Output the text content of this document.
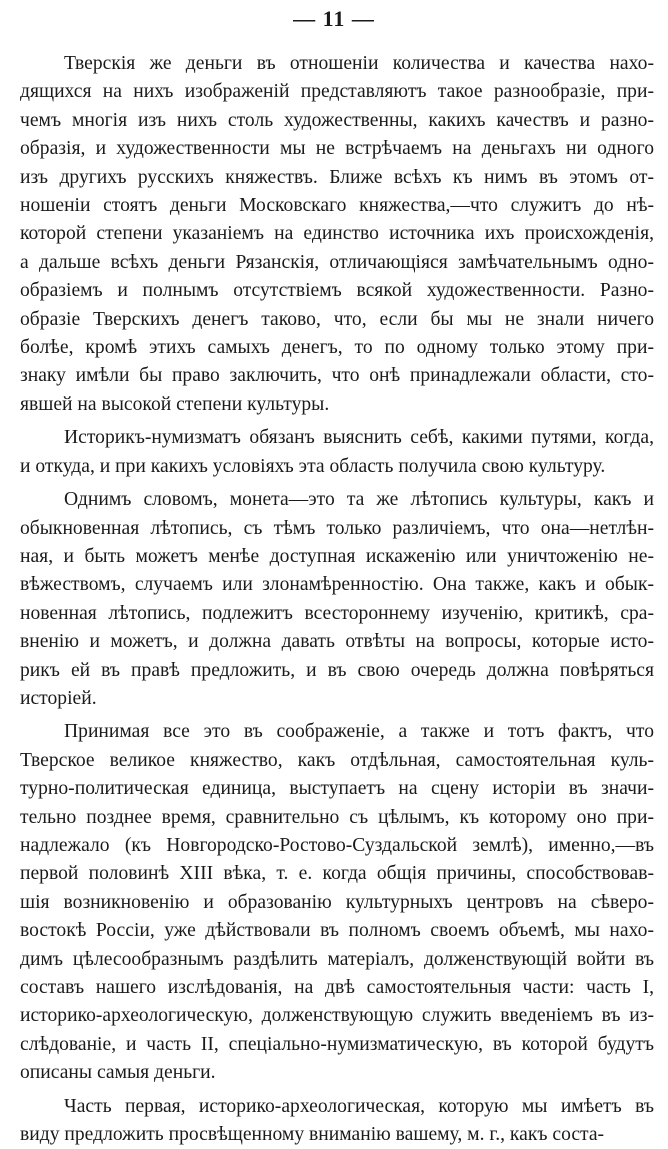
— 11 —

Тверскія же деньги въ отношеніи количества и качества нахо-
дящихся на нихъ изображеній представляютъ такое разнообразіе, при-
чемъ многія изъ нихъ столь художественны, какихъ качествъ и разно-
образія, и художественности мы не встрѣчаемъ на деньгахъ ни одного
изъ другихъ русскихъ княжествъ. Ближе всѣхъ къ нимъ въ этомъ от-
ношеніи стоятъ деньги Московскаго княжества,—что служитъ до нѣ-
которой степени указаніемъ на единство источника ихъ происхожденія,
а дальше всѣхъ деньги Рязанскія, отличающіяся замѣчательнымъ одно-
образіемъ и полнымъ отсутствіемъ всякой художественности. Разно-
образіе Тверскихъ денегъ таково, что, если бы мы не знали ничего
болѣе, кромѣ этихъ самыхъ денегъ, то по одному только этому при-
знаку имѣли бы право заключить, что онѣ принадлежали области, сто-
явшей на высокой степени культуры.

Историкъ-нумизматъ обязанъ выяснить себѣ, какими путями, когда,
и откуда, и при какихъ условіяхъ эта область получила свою культуру.

Однимъ словомъ, монета—это та же лѣтопись культуры, какъ и
обыкновенная лѣтопись, съ тѣмъ только различіемъ, что она—нетлѣн-
ная, и быть можетъ менѣе доступная искаженію или уничтоженію не-
вѣжествомъ, случаемъ или злонамѣренностію. Она также, какъ и обык-
новенная лѣтопись, подлежитъ всестороннему изученію, критикѣ, сра-
вненію и можетъ, и должна давать отвѣты на вопросы, которые исто-
рикъ ей въ правѣ предложить, и въ свою очередь должна повѣряться
исторіей.

Принимая все это въ соображеніе, а также и тотъ фактъ, что
Тверское великое княжество, какъ отдѣльная, самостоятельная куль-
турно-политическая единица, выступаетъ на сцену исторіи въ значи-
тельно позднее время, сравнительно съ цѣлымъ, къ которому оно при-
надлежало (къ Новгородско-Ростово-Суздальской землѣ), именно,—въ
первой половинѣ XIII вѣка, т. е. когда общія причины, способствовав-
шія возникновенію и образованію культурныхъ центровъ на сѣверо-
востокѣ Россіи, уже дѣйствовали въ полномъ своемъ объемѣ, мы нахо-
димъ цѣлесообразнымъ раздѣлить матеріалъ, долженствующій войти въ
составъ нашего изслѣдованія, на двѣ самостоятельныя части: часть I,
историко-археологическую, долженствующую служить введеніемъ въ из-
слѣдованіе, и часть II, спеціально-нумизматическую, въ которой будутъ
описаны самыя деньги.

Часть первая, историко-археологическая, которую мы имѣетъ въ
виду предложить просвѣщенному вниманію вашему, м. г., какъ соста-
